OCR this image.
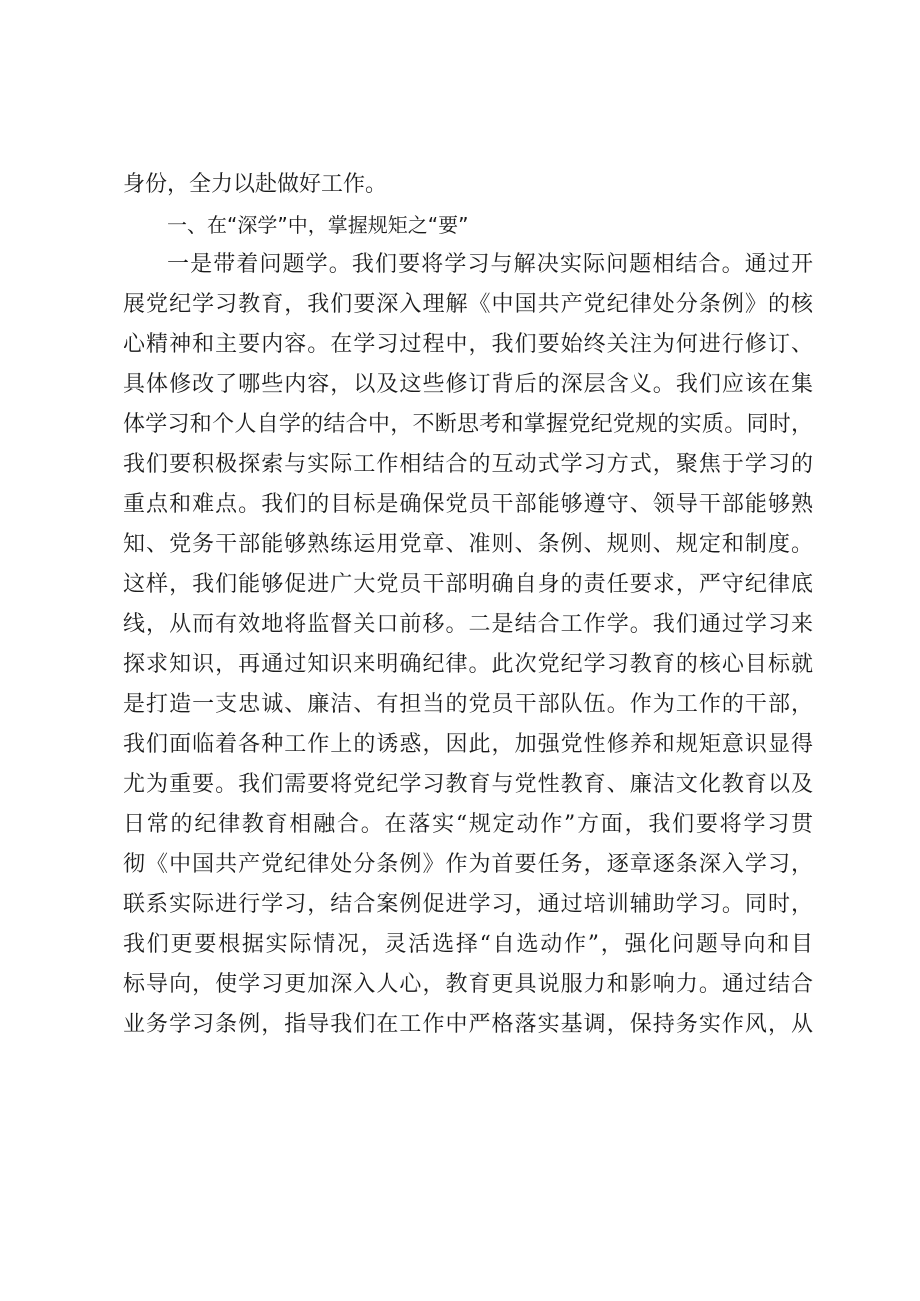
身份，全力以赴做好工作。
一、在“深学”中，掌握规矩之“要”
一是带着问题学。我们要将学习与解决实际问题相结合。通过开
展党纪学习教育，我们要深入理解《中国共产党纪律处分条例》的核
心精神和主要内容。在学习过程中，我们要始终关注为何进行修订、
具体修改了哪些内容，以及这些修订背后的深层含义。我们应该在集
体学习和个人自学的结合中，不断思考和掌握党纪党规的实质。同时，
我们要积极探索与实际工作相结合的互动式学习方式，聚焦于学习的
重点和难点。我们的目标是确保党员干部能够遵守、领导干部能够熟
知、党务干部能够熟练运用党章、准则、条例、规则、规定和制度。
这样，我们能够促进广大党员干部明确自身的责任要求，严守纪律底
线，从而有效地将监督关口前移。二是结合工作学。我们通过学习来
探求知识，再通过知识来明确纪律。此次党纪学习教育的核心目标就
是打造一支忠诚、廉洁、有担当的党员干部队伍。作为工作的干部，
我们面临着各种工作上的诱惑，因此，加强党性修养和规矩意识显得
尤为重要。我们需要将党纪学习教育与党性教育、廉洁文化教育以及
日常的纪律教育相融合。在落实“规定动作”方面，我们要将学习贯
彻《中国共产党纪律处分条例》作为首要任务，逐章逐条深入学习，
联系实际进行学习，结合案例促进学习，通过培训辅助学习。同时，
我们更要根据实际情况，灵活选择“自选动作”，强化问题导向和目
标导向，使学习更加深入人心，教育更具说服力和影响力。通过结合
业务学习条例，指导我们在工作中严格落实基调，保持务实作风，从
